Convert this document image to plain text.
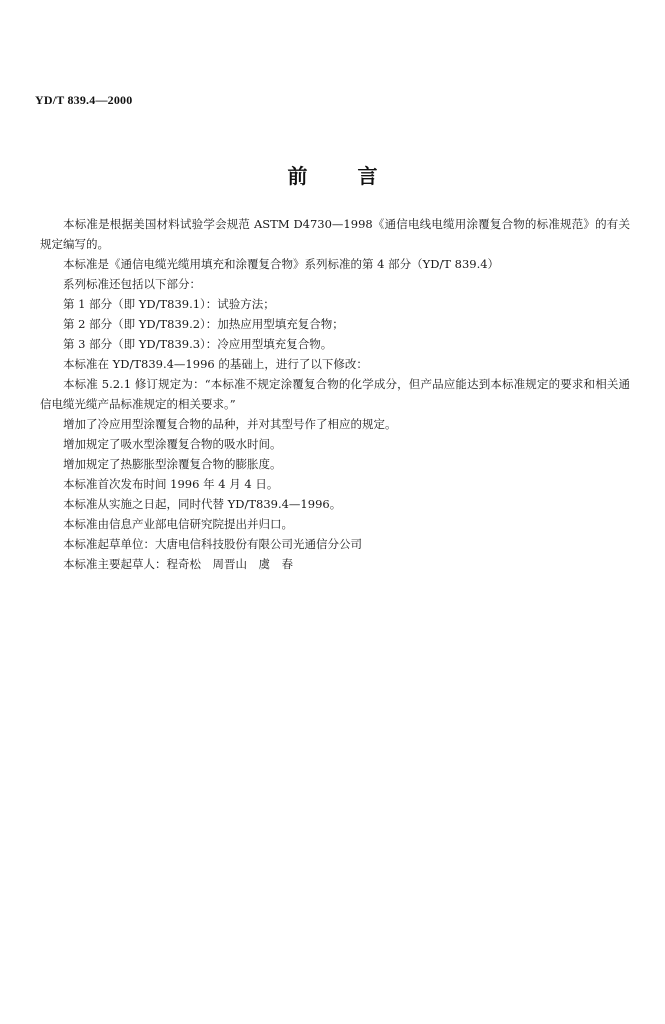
YD/T 839.4—2000
前言

本标准是根据美国材料试验学会规范 ASTM D4730—1998《通信电线电缆用涂覆复合物的标准规范》的有关规定编写的。

本标准是《通信电缆光缆用填充和涂覆复合物》系列标准的第 4 部分（YD/T 839.4）

系列标准还包括以下部分：

第 1 部分（即 YD/T839.1）：试验方法；

第 2 部分（即 YD/T839.2）：加热应用型填充复合物；

第 3 部分（即 YD/T839.3）：冷应用型填充复合物。

本标准在 YD/T839.4—1996 的基础上，进行了以下修改：

本标准 5.2.1 修订规定为：“本标准不规定涂覆复合物的化学成分，但产品应能达到本标准规定的要求和相关通信电缆光缆产品标准规定的相关要求。”

增加了冷应用型涂覆复合物的品种，并对其型号作了相应的规定。

增加规定了吸水型涂覆复合物的吸水时间。

增加规定了热膨胀型涂覆复合物的膨胀度。

本标准首次发布时间 1996 年 4 月 4 日。

本标准从实施之日起，同时代替 YD/T839.4—1996。

本标准由信息产业部电信研究院提出并归口。

本标准起草单位：大唐电信科技股份有限公司光通信分公司

本标准主要起草人：程奇松　周晋山　虞　春
